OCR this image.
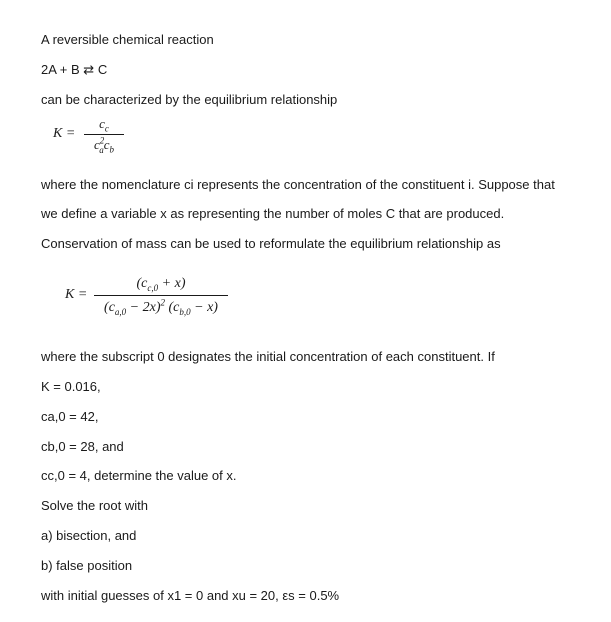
A reversible chemical reaction
2A + B ⇄ C
can be characterized by the equilibrium relationship
K =
$c_c$
$c^2_ac_b$
where the nomenclature ci represents the concentration of the constituent i. Suppose that
we define a variable x as representing the number of moles C that are produced.
Conservation of mass can be used to reformulate the equilibrium relationship as
K =
$(c_{c,0} + x)$
$(c_{a,0} - 2x)^2$ $(c_{b,0} - x)$
where the subscript 0 designates the initial concentration of each constituent. If
K = 0.016,
ca,0 = 42,
cb,0 = 28, and
cc,0 = 4, determine the value of x.
Solve the root with
a) bisection, and
b) false position
with initial guesses of x1 = 0 and xu = 20, εs = 0.5%
